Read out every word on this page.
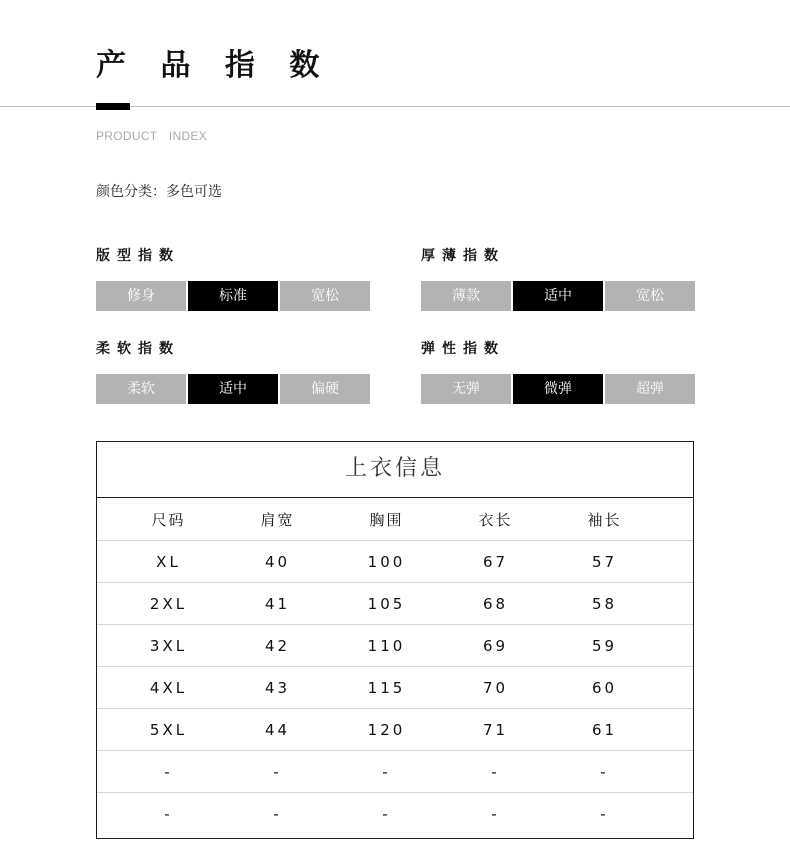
产 品 指 数
PRODUCT INDEX
颜色分类：多色可选
版型指数
修身	标准	宽松
厚薄指数
薄款	适中	宽松
柔软指数
柔软	适中	偏硬
弹性指数
无弹	微弹	超弹
上衣信息
尺码	肩宽	胸围	衣长	袖长
XL	40	100	67	57
2XL	41	105	68	58
3XL	42	110	69	59
4XL	43	115	70	60
5XL	44	120	71	61
-	-	-	-	-
-	-	-	-	-
